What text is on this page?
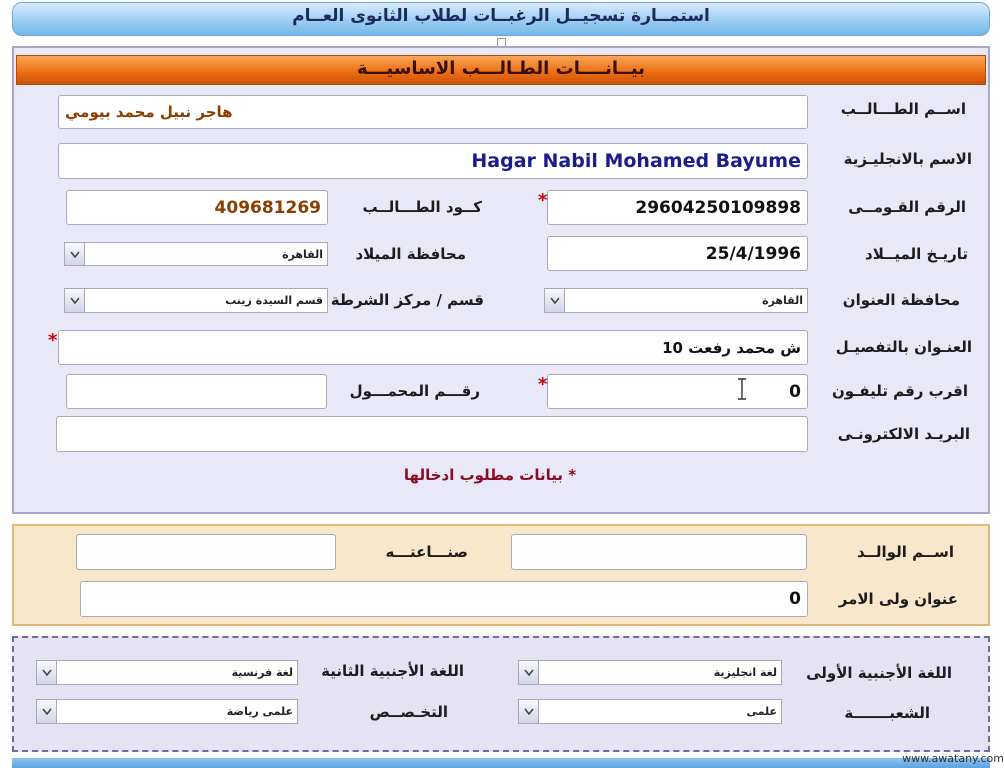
استمــارة تسجيــل الرغبــات لطلاب الثانوى العــام
بيــانــــات الطـالـــب الاساسيـــة
اســم الطـــالــب
هاجر نبيل محمد بيومي
الاسم بالانجليـزية
Hagar Nabil Mohamed Bayume
الرقم القـومــى
29604250109898
*
كــود الطـــالــب
409681269
تاريـخ الميــلاد
25/4/1996
محافظة الميلاد
القاهرة
محافظة العنوان
القاهرة
قسم / مركز الشرطة
قسم السيدة زينب
العنـوان بالتفصيـل
10 ش محمد رفعت
*
اقرب رقم تليفـون
0
*
رقـــم المحمـــول
البريـد الالكترونـى
* بيانات مطلوب ادخالها
اســم الوالــد
صنـــاعتـــه
عنوان ولى الامر
0
اللغة الأجنبية الأولى
لغة انجليزية
اللغة الأجنبية الثانية
لغة فرنسية
الشعبـــــــة
علمى
التخـصــص
علمى رياضة
www.awatany.com
